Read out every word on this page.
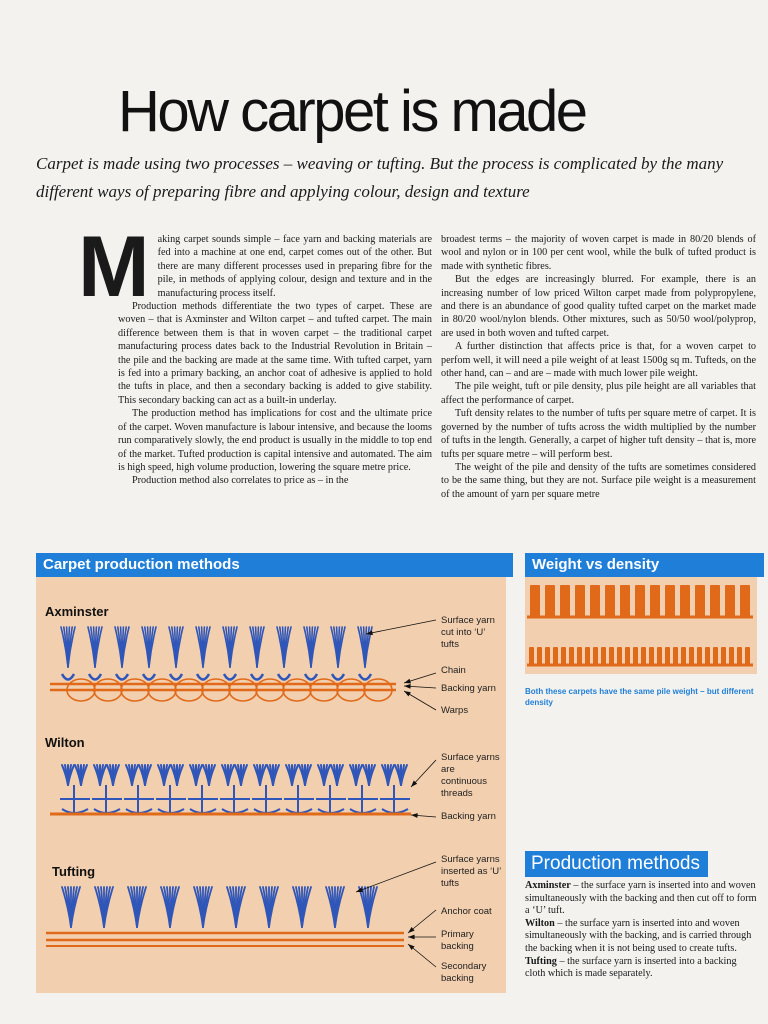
How carpet is made
Carpet is made using two processes – weaving or tufting. But the process is complicated by the many different ways of preparing fibre and applying colour, design and texture
M aking carpet sounds simple – face yarn and backing materials are fed into a machine at one end, carpet comes out of the other. But there are many different processes used in preparing fibre for the pile, in methods of applying colour, design and texture and in the manufacturing process itself.

Production methods differentiate the two types of carpet. These are woven – that is Axminster and Wilton carpet – and tufted carpet. The main difference between them is that in woven carpet – the traditional carpet manufacturing process dates back to the Industrial Revolution in Britain – the pile and the backing are made at the same time. With tufted carpet, yarn is fed into a primary backing, an anchor coat of adhesive is applied to hold the tufts in place, and then a secondary backing is added to give stability. This secondary backing can act as a built-in underlay.

The production method has implications for cost and the ultimate price of the carpet. Woven manufacture is labour intensive, and because the looms run comparatively slowly, the end product is usually in the middle to top end of the market. Tufted production is capital intensive and automated. The aim is high speed, high volume production, lowering the square metre price.

Production method also correlates to price as – in the

broadest terms – the majority of woven carpet is made in 80/20 blends of wool and nylon or in 100 per cent wool, while the bulk of tufted product is made with synthetic fibres.

But the edges are increasingly blurred. For example, there is an increasing number of low priced Wilton carpet made from polypropylene, and there is an abundance of good quality tufted carpet on the market made in 80/20 wool/nylon blends. Other mixtures, such as 50/50 wool/polyprop, are used in both woven and tufted carpet.

A further distinction that affects price is that, for a woven carpet to perfom well, it will need a pile weight of at least 1500g sq m. Tufteds, on the other hand, can – and are – made with much lower pile weight.

The pile weight, tuft or pile density, plus pile height are all variables that affect the performance of carpet.

Tuft density relates to the number of tufts per square metre of carpet. It is governed by the number of tufts across the width multiplied by the number of tufts in the length. Generally, a carpet of higher tuft density – that is, more tufts per square metre – will perform best.

The weight of the pile and density of the tufts are sometimes considered to be the same thing, but they are not. Surface pile weight is a measurement of the amount of yarn per square metre

Carpet production methods
Axminster
Wilton
Tufting
Surface yarn cut into ‘U’ tufts
Chain
Backing yarn
Warps
Surface yarns are continuous threads
Backing yarn
Surface yarns inserted as ‘U’ tufts
Anchor coat
Primary backing
Secondary backing
Weight vs density
Both these carpets have the same pile weight – but different density
Production methods

Axminster – the surface yarn is inserted into and woven simultaneously with the backing and then cut off to form a ‘U’ tuft.

Wilton – the surface yarn is inserted into and woven simultaneously with the backing, and is carried through the backing when it is not being used to create tufts.

Tufting – the surface yarn is inserted into a backing cloth which is made separately.
